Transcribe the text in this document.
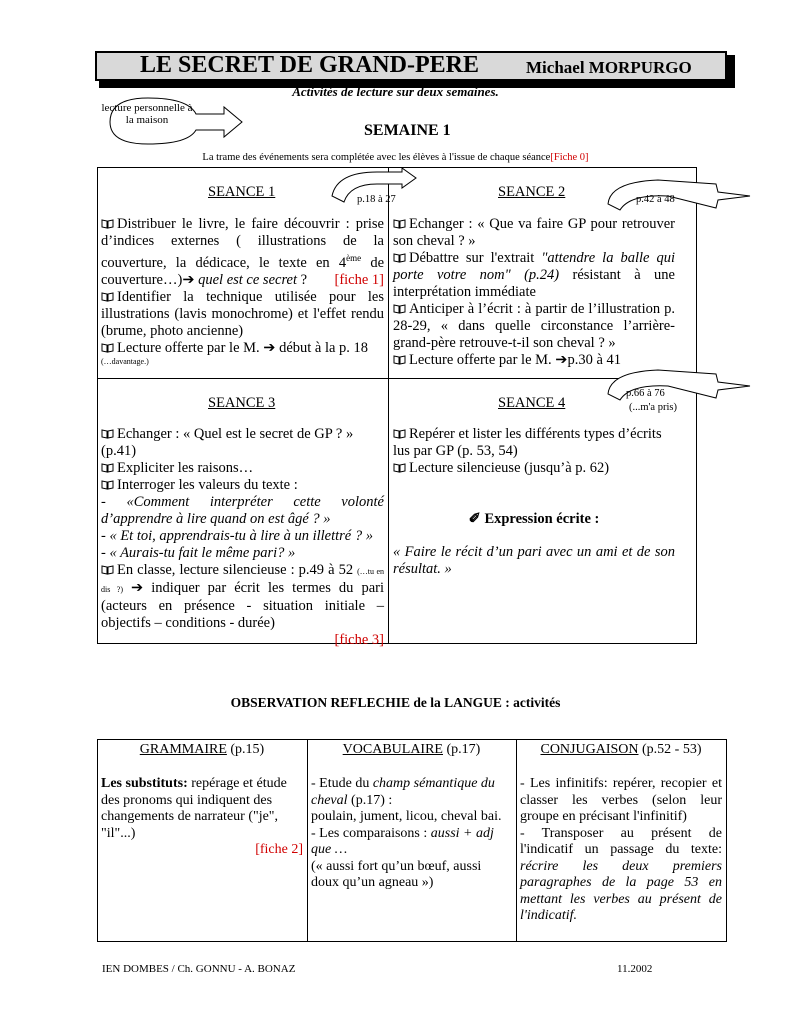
LE SECRET DE GRAND-PERE	Michael MORPURGO
Activités de lecture sur deux semaines.
lecture personnelle à la maison
SEMAINE 1
La trame des événements sera complétée avec les élèves à l'issue de chaque séance[Fiche 0]
p.18 à 27	p.42 à 48
p.66 à 76
(...m'a pris)
SEANCE 1
Distribuer le livre, le faire découvrir : prise d’indices externes ( illustrations de la couverture, la dédicace, le texte en 4ème de couverture…)➔ quel est ce secret ? [fiche 1]
Identifier la technique utilisée pour les illustrations (lavis monochrome) et l'effet rendu (brume, photo ancienne)
Lecture offerte par le M. ➔ début à la p. 18
(…davantage.)
SEANCE 2
Echanger : « Que va faire GP pour retrouver son cheval ? »
Débattre sur l'extrait "attendre la balle qui porte votre nom" (p.24) résistant à une interprétation immédiate
Anticiper à l’écrit : à partir de l’illustration p. 28-29, « dans quelle circonstance l’arrière-grand-père retrouve-t-il son cheval ? »
Lecture offerte par le M. ➔p.30 à 41
SEANCE 3
Echanger : « Quel est le secret de GP ? » (p.41)
Expliciter les raisons…
Interroger les valeurs du texte :
- «Comment interpréter cette volonté d’apprendre à lire quand on est âgé ? »
- « Et toi, apprendrais-tu à lire à un illettré ? »
- « Aurais-tu fait le même pari? »
En classe, lecture silencieuse : p.49 à 52 (…tu en dis ?) ➔ indiquer par écrit les termes du pari (acteurs en présence - situation initiale – objectifs – conditions - durée)
[fiche 3]
SEANCE 4
Repérer et lister les différents types d’écrits lus par GP (p. 53, 54)
Lecture silencieuse (jusqu’à p. 62)
✐ Expression écrite :
« Faire le récit d’un pari avec un ami et de son résultat. »
OBSERVATION REFLECHIE de la LANGUE : activités
GRAMMAIRE (p.15)
Les substituts: repérage et étude des pronoms qui indiquent des changements de narrateur ("je", "il"...)
[fiche 2]
VOCABULAIRE (p.17)
- Etude du champ sémantique du cheval (p.17) :
poulain, jument, licou, cheval bai.
- Les comparaisons : aussi + adj que …
(« aussi fort qu’un bœuf, aussi doux qu’un agneau »)
CONJUGAISON (p.52 - 53)
- Les infinitifs: repérer, recopier et classer les verbes (selon leur groupe en précisant l'infinitif)
- Transposer au présent de l'indicatif un passage du texte: récrire les deux premiers paragraphes de la page 53 en mettant les verbes au présent de l'indicatif.
IEN DOMBES / Ch. GONNU - A. BONAZ	11.2002
